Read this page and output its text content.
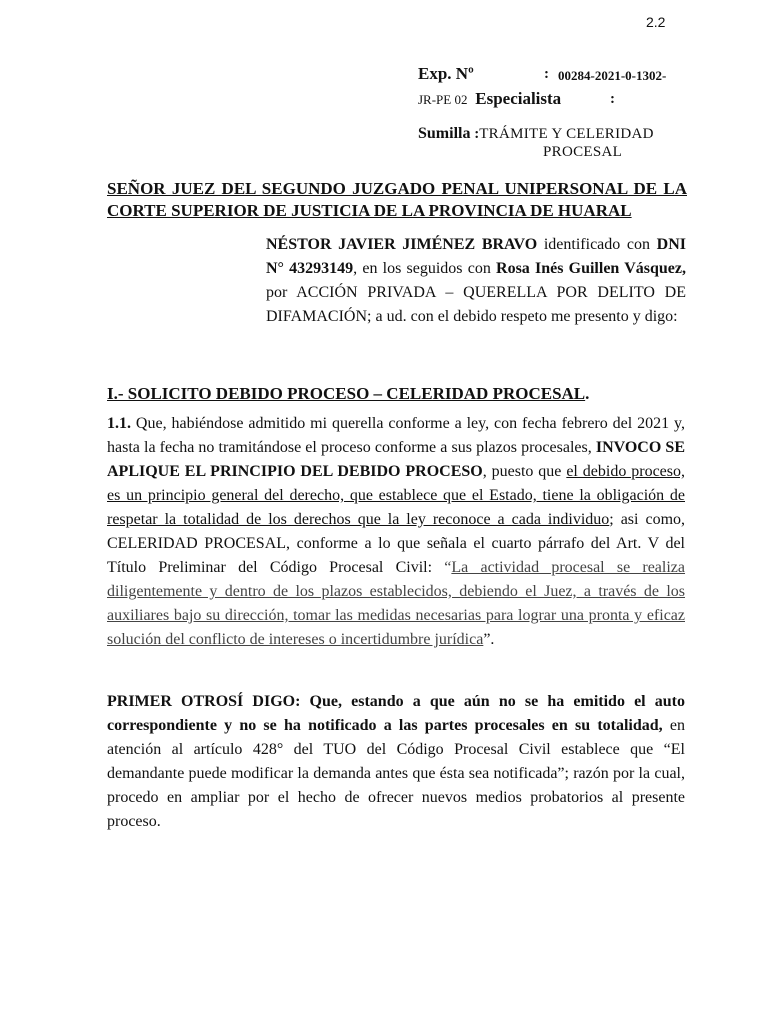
2.2
Exp. Nº	: 00284-2021-0-1302-
JR-PE 02 Especialista	:
Sumilla :TRÁMITE Y CELERIDAD
PROCESAL
SEÑOR JUEZ DEL SEGUNDO JUZGADO PENAL UNIPERSONAL DE LA CORTE SUPERIOR DE JUSTICIA DE LA PROVINCIA DE HUARAL
NÉSTOR JAVIER JIMÉNEZ BRAVO identificado con DNI N° 43293149, en los seguidos con Rosa Inés Guillen Vásquez, por ACCIÓN PRIVADA – QUERELLA POR DELITO DE DIFAMACIÓN; a ud. con el debido respeto me presento y digo:
I.- SOLICITO DEBIDO PROCESO – CELERIDAD PROCESAL.
1.1. Que, habiéndose admitido mi querella conforme a ley, con fecha febrero del 2021 y, hasta la fecha no tramitándose el proceso conforme a sus plazos procesales, INVOCO SE APLIQUE EL PRINCIPIO DEL DEBIDO PROCESO, puesto que el debido proceso, es un principio general del derecho, que establece que el Estado, tiene la obligación de respetar la totalidad de los derechos que la ley reconoce a cada individuo; asi como, CELERIDAD PROCESAL, conforme a lo que señala el cuarto párrafo del Art. V del Título Preliminar del Código Procesal Civil: “La actividad procesal se realiza diligentemente y dentro de los plazos establecidos, debiendo el Juez, a través de los auxiliares bajo su dirección, tomar las medidas necesarias para lograr una pronta y eficaz solución del conflicto de intereses o incertidumbre jurídica”.
PRIMER OTROSÍ DIGO: Que, estando a que aún no se ha emitido el auto correspondiente y no se ha notificado a las partes procesales en su totalidad, en atención al artículo 428° del TUO del Código Procesal Civil establece que “El demandante puede modificar la demanda antes que ésta sea notificada”; razón por la cual, procedo en ampliar por el hecho de ofrecer nuevos medios probatorios al presente proceso.
